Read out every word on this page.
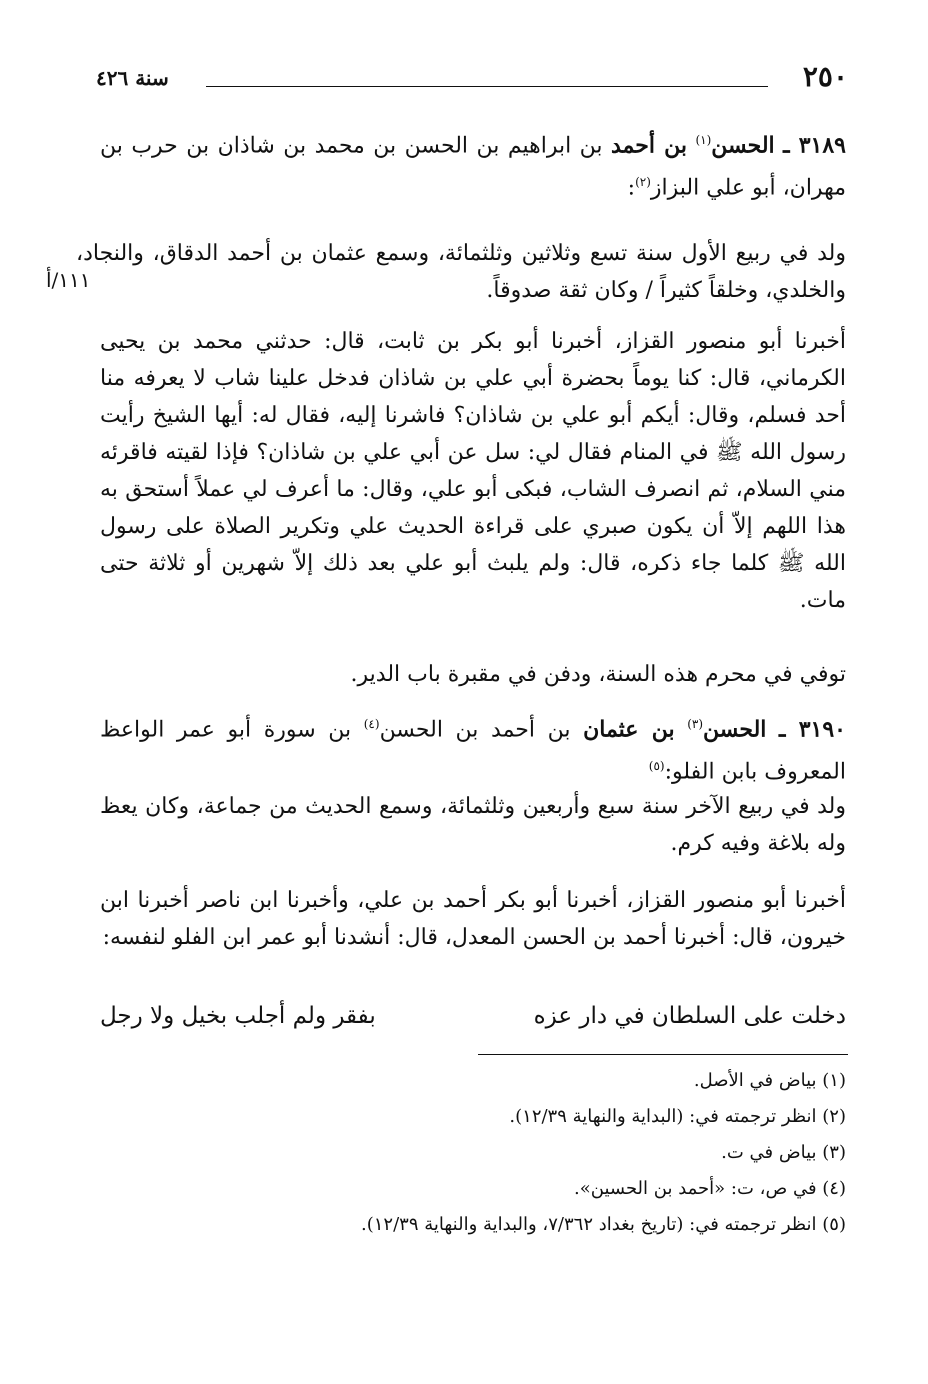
٢٥٠
سنة ٤٢٦
٣١٨٩ ـ الحسن$^{(١)}$ بن أحمد بن ابراهيم بن الحسن بن محمد بن شاذان بن حرب بن مهران، أبو علي البزاز$^{(٢)}$:
ولد في ربيع الأول سنة تسع وثلاثين وثلثمائة، وسمع عثمان بن أحمد الدقاق، والنجاد، والخلدي، وخلقاً كثيراً / وكان ثقة صدوقاً.
١١١/أ
أخبرنا أبو منصور القزاز، أخبرنا أبو بكر بن ثابت، قال: حدثني محمد بن يحيى الكرماني، قال: كنا يوماً بحضرة أبي علي بن شاذان فدخل علينا شاب لا يعرفه منا أحد فسلم، وقال: أيكم أبو علي بن شاذان؟ فاشرنا إليه، فقال له: أيها الشيخ رأيت رسول الله ﷺ في المنام فقال لي: سل عن أبي علي بن شاذان؟ فإذا لقيته فاقرئه مني السلام، ثم انصرف الشاب، فبكى أبو علي، وقال: ما أعرف لي عملاً أستحق به هذا اللهم إلاّ أن يكون صبري على قراءة الحديث علي وتكرير الصلاة على رسول الله ﷺ كلما جاء ذكره، قال: ولم يلبث أبو علي بعد ذلك إلاّ شهرين أو ثلاثة حتى مات.
توفي في محرم هذه السنة، ودفن في مقبرة باب الدير.
٣١٩٠ ـ الحسن$^{(٣)}$ بن عثمان بن أحمد بن الحسن$^{(٤)}$ بن سورة أبو عمر الواعظ المعروف بابن الفلو:$^{(٥)}$
ولد في ربيع الآخر سنة سبع وأربعين وثلثمائة، وسمع الحديث من جماعة، وكان يعظ وله بلاغة وفيه كرم.
أخبرنا أبو منصور القزاز، أخبرنا أبو بكر أحمد بن علي، وأخبرنا ابن ناصر أخبرنا ابن خيرون، قال: أخبرنا أحمد بن الحسن المعدل، قال: أنشدنا أبو عمر ابن الفلو لنفسه:
دخلت على السلطان في دار عزه
بفقر ولم أجلب بخيل ولا رجل
(١) بياض في الأصل.
(٢) انظر ترجمته في: (البداية والنهاية ١٢/٣٩).
(٣) بياض في ت.
(٤) في ص، ت: «أحمد بن الحسين».
(٥) انظر ترجمته في: (تاريخ بغداد ٧/٣٦٢، والبداية والنهاية ١٢/٣٩).
